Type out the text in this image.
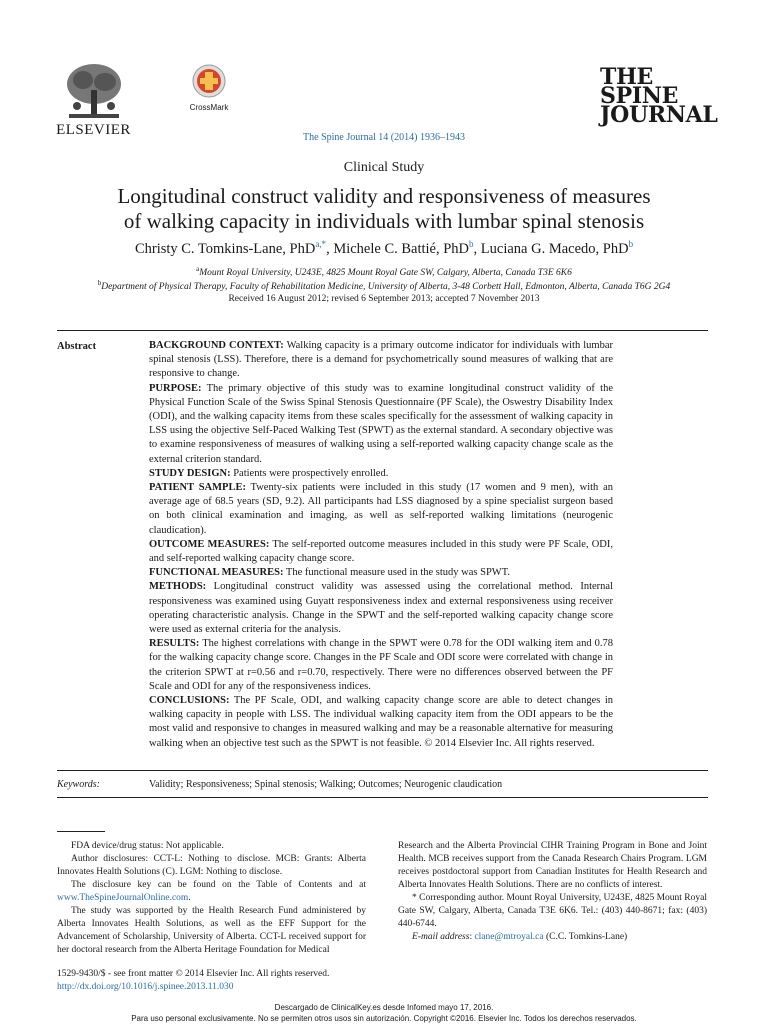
ELSEVIER
CrossMark
THE
SPINE
JOURNAL
The Spine Journal 14 (2014) 1936–1943
Clinical Study
Longitudinal construct validity and responsiveness of measures
of walking capacity in individuals with lumbar spinal stenosis
Christy C. Tomkins-Lane, PhD$^{a,*}$, Michele C. Battié, PhD$^b$, Luciana G. Macedo, PhD$^b$
$^a$Mount Royal University, U243E, 4825 Mount Royal Gate SW, Calgary, Alberta, Canada T3E 6K6
$^b$Department of Physical Therapy, Faculty of Rehabilitation Medicine, University of Alberta, 3-48 Corbett Hall, Edmonton, Alberta, Canada T6G 2G4
Received 16 August 2012; revised 6 September 2013; accepted 7 November 2013
Abstract	BACKGROUND CONTEXT: Walking capacity is a primary outcome indicator for individuals with lumbar spinal stenosis (LSS). Therefore, there is a demand for psychometrically sound measures of walking that are responsive to change.

PURPOSE: The primary objective of this study was to examine longitudinal construct validity of the Physical Function Scale of the Swiss Spinal Stenosis Questionnaire (PF Scale), the Oswestry Disability Index (ODI), and the walking capacity items from these scales specifically for the assessment of walking capacity in LSS using the objective Self-Paced Walking Test (SPWT) as the external standard. A secondary objective was to examine responsiveness of measures of walking using a self-reported walking capacity change scale as the external criterion standard.

STUDY DESIGN: Patients were prospectively enrolled.

PATIENT SAMPLE: Twenty-six patients were included in this study (17 women and 9 men), with an average age of 68.5 years (SD, 9.2). All participants had LSS diagnosed by a spine specialist surgeon based on both clinical examination and imaging, as well as self-reported walking limitations (neurogenic claudication).

OUTCOME MEASURES: The self-reported outcome measures included in this study were PF Scale, ODI, and self-reported walking capacity change score.

FUNCTIONAL MEASURES: The functional measure used in the study was SPWT.

METHODS: Longitudinal construct validity was assessed using the correlational method. Internal responsiveness was examined using Guyatt responsiveness index and external responsiveness using receiver operating characteristic analysis. Change in the SPWT and the self-reported walking capacity change score were used as external criteria for the analysis.

RESULTS: The highest correlations with change in the SPWT were 0.78 for the ODI walking item and 0.78 for the walking capacity change score. Changes in the PF Scale and ODI score were correlated with change in the criterion SPWT at r=0.56 and r=0.70, respectively. There were no differences observed between the PF Scale and ODI for any of the responsiveness indices.

CONCLUSIONS: The PF Scale, ODI, and walking capacity change score are able to detect changes in walking capacity in people with LSS. The individual walking capacity item from the ODI appears to be the most valid and responsive to changes in measured walking and may be a reasonable alternative for measuring walking when an objective test such as the SPWT is not feasible. © 2014 Elsevier Inc. All rights reserved.

Keywords:	Validity; Responsiveness; Spinal stenosis; Walking; Outcomes; Neurogenic claudication

FDA device/drug status: Not applicable.

Author disclosures: CCT-L: Nothing to disclose. MCB: Grants: Alberta Innovates Health Solutions (C). LGM: Nothing to disclose.

The disclosure key can be found on the Table of Contents and at www.TheSpineJournalOnline.com.

The study was supported by the Health Research Fund administered by Alberta Innovates Health Solutions, as well as the EFF Support for the Advancement of Scholarship, University of Alberta. CCT-L received support for her doctoral research from the Alberta Heritage Foundation for Medical

Research and the Alberta Provincial CIHR Training Program in Bone and Joint Health. MCB receives support from the Canada Research Chairs Program. LGM receives postdoctoral support from Canadian Institutes for Health Research and Alberta Innovates Health Solutions. There are no conflicts of interest.

* Corresponding author. Mount Royal University, U243E, 4825 Mount Royal Gate SW, Calgary, Alberta, Canada T3E 6K6. Tel.: (403) 440-8671; fax: (403) 440-6744.

E-mail address: clane@mtroyal.ca (C.C. Tomkins-Lane)

1529-9430/$ - see front matter © 2014 Elsevier Inc. All rights reserved.
http://dx.doi.org/10.1016/j.spinee.2013.11.030
Descargado de ClinicalKey.es desde Infomed mayo 17, 2016.
Para uso personal exclusivamente. No se permiten otros usos sin autorización. Copyright ©2016. Elsevier Inc. Todos los derechos reservados.
